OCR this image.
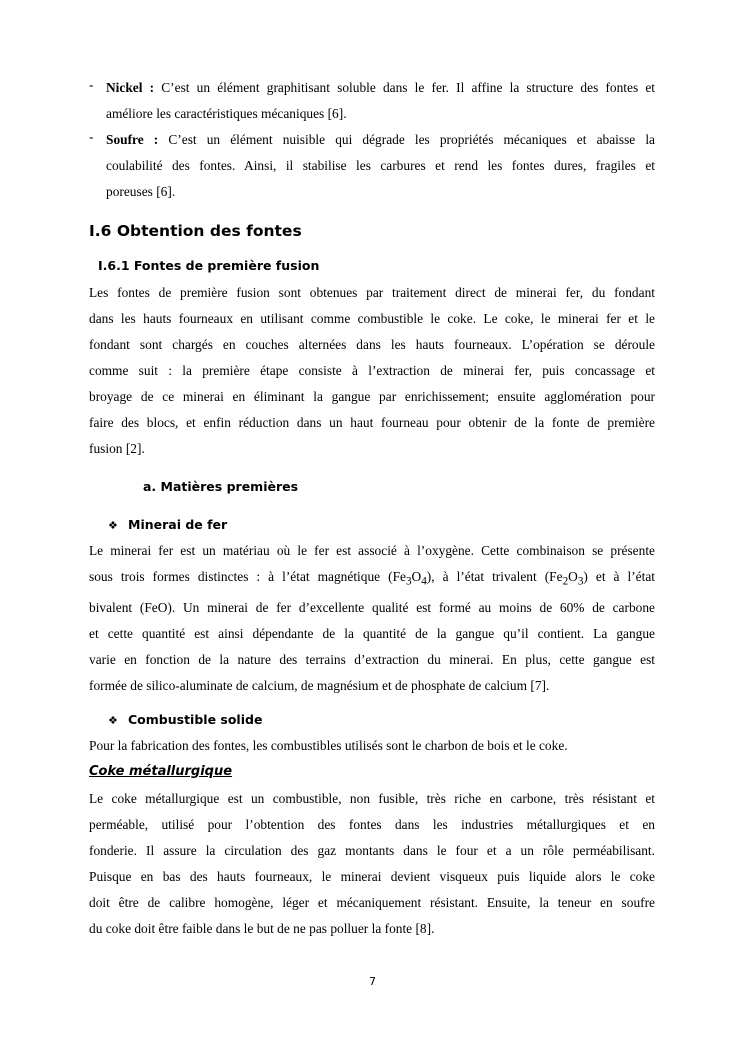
- Nickel : C’est un élément graphitisant soluble dans le fer. Il affine la structure des fontes et
améliore les caractéristiques mécaniques [6].
- Soufre : C’est un élément nuisible qui dégrade les propriétés mécaniques et abaisse la
coulabilité des fontes. Ainsi, il stabilise les carbures et rend les fontes dures, fragiles et
poreuses [6].
I.6 Obtention des fontes
I.6.1 Fontes de première fusion
Les fontes de première fusion sont obtenues par traitement direct de minerai fer, du fondant
dans les hauts fourneaux en utilisant comme combustible le coke. Le coke, le minerai fer et le
fondant sont chargés en couches alternées dans les hauts fourneaux. L’opération se déroule
comme suit : la première étape consiste à l’extraction de minerai fer, puis concassage et
broyage de ce minerai en éliminant la gangue par enrichissement; ensuite agglomération pour
faire des blocs, et enfin réduction dans un haut fourneau pour obtenir de la fonte de première
fusion [2].
a. Matières premières
❖ Minerai de fer
Le minerai fer est un matériau où le fer est associé à l’oxygène. Cette combinaison se présente
sous trois formes distinctes : à l’état magnétique $(Fe_3O_4)$, à l’état trivalent $(Fe_2O_3)$ et à l’état
bivalent (FeO). Un minerai de fer d’excellente qualité est formé au moins de 60% de carbone
et cette quantité est ainsi dépendante de la quantité de la gangue qu’il contient. La gangue
varie en fonction de la nature des terrains d’extraction du minerai. En plus, cette gangue est
formée de silico-aluminate de calcium, de magnésium et de phosphate de calcium [7].
❖ Combustible solide
Pour la fabrication des fontes, les combustibles utilisés sont le charbon de bois et le coke.
Coke métallurgique
Le coke métallurgique est un combustible, non fusible, très riche en carbone, très résistant et
perméable, utilisé pour l’obtention des fontes dans les industries métallurgiques et en
fonderie. Il assure la circulation des gaz montants dans le four et a un rôle perméabilisant.
Puisque en bas des hauts fourneaux, le minerai devient visqueux puis liquide alors le coke
doit être de calibre homogène, léger et mécaniquement résistant. Ensuite, la teneur en soufre
du coke doit être faible dans le but de ne pas polluer la fonte [8].
7
